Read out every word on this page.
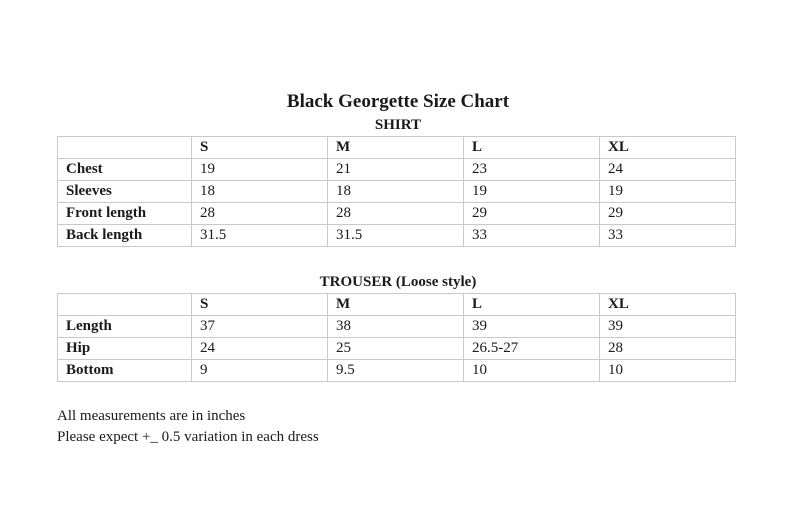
Black Georgette Size Chart
SHIRT
	S	M	L	XL
Chest	19	21	23	24
Sleeves	18	18	19	19
Front length	28	28	29	29
Back length	31.5	31.5	33	33
TROUSER (Loose style)
	S	M	L	XL
Length	37	38	39	39
Hip	24	25	26.5-27	28
Bottom	9	9.5	10	10
All measurements are in inches
Please expect +_ 0.5 variation in each dress
